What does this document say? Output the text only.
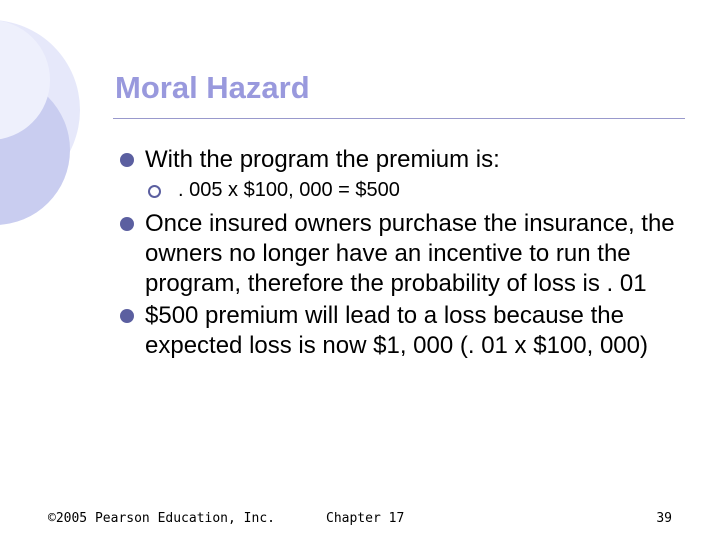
Moral Hazard
With the program the premium is:
. 005 x $100, 000 = $500
Once insured owners purchase the insurance, the owners no longer have an incentive to run the program, therefore the probability of loss is . 01
$500 premium will lead to a loss because the expected loss is now $1, 000 (. 01 x $100, 000)
©2005 Pearson Education, Inc.	Chapter 17	39
